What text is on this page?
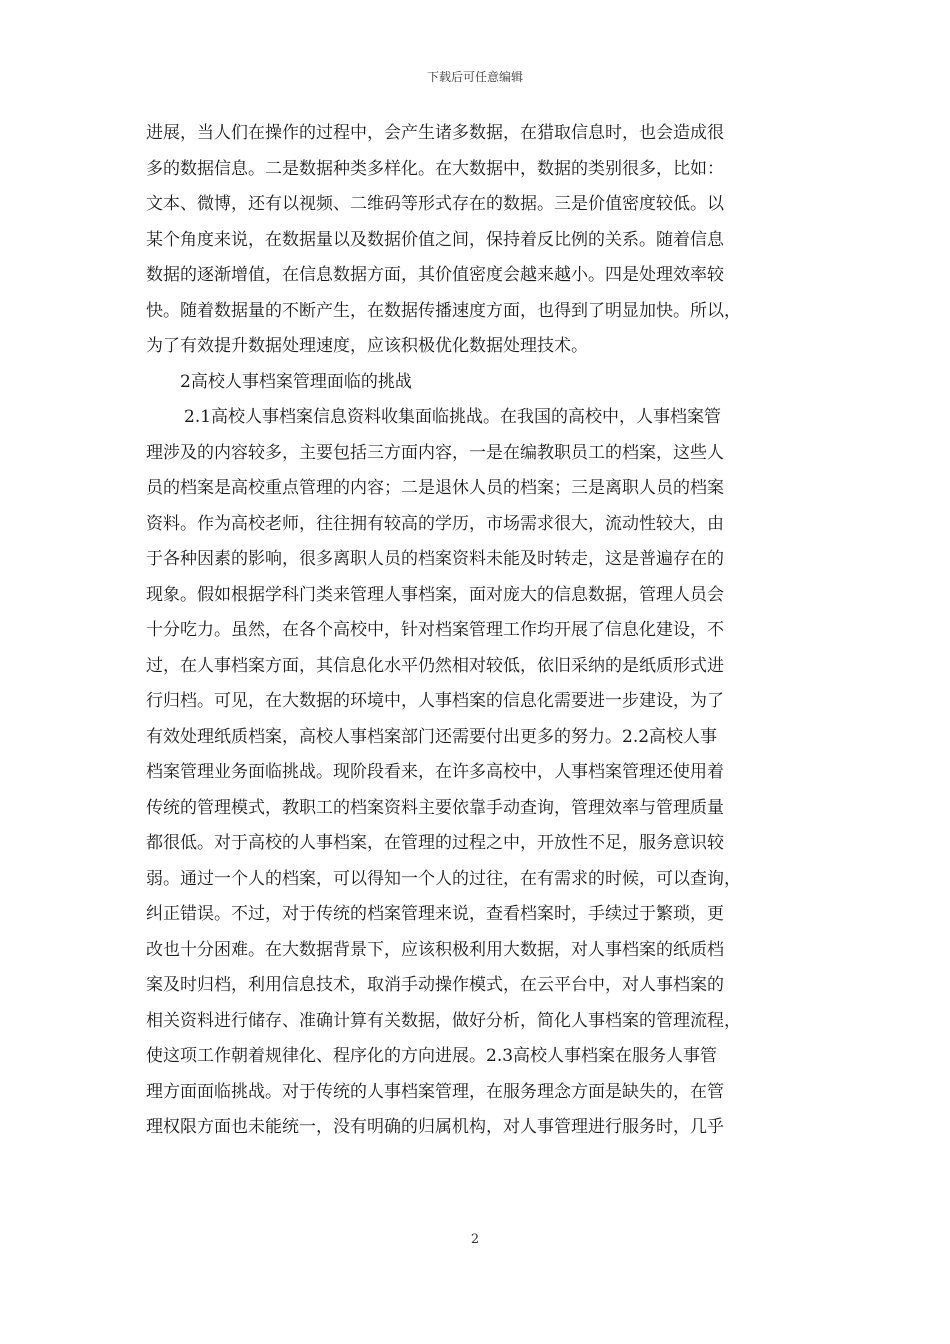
下载后可任意编辑
进展，当人们在操作的过程中，会产生诸多数据，在猎取信息时，也会造成很
多的数据信息。二是数据种类多样化。在大数据中，数据的类别很多，比如：
文本、微博，还有以视频、二维码等形式存在的数据。三是价值密度较低。以
某个角度来说，在数据量以及数据价值之间，保持着反比例的关系。随着信息
数据的逐渐增值，在信息数据方面，其价值密度会越来越小。四是处理效率较
快。随着数据量的不断产生，在数据传播速度方面，也得到了明显加快。所以，
为了有效提升数据处理速度，应该积极优化数据处理技术。
2高校人事档案管理面临的挑战
2.1高校人事档案信息资料收集面临挑战。在我国的高校中，人事档案管
理涉及的内容较多，主要包括三方面内容，一是在编教职员工的档案，这些人
员的档案是高校重点管理的内容；二是退休人员的档案；三是离职人员的档案
资料。作为高校老师，往往拥有较高的学历，市场需求很大，流动性较大，由
于各种因素的影响，很多离职人员的档案资料未能及时转走，这是普遍存在的
现象。假如根据学科门类来管理人事档案，面对庞大的信息数据，管理人员会
十分吃力。虽然，在各个高校中，针对档案管理工作均开展了信息化建设，不
过，在人事档案方面，其信息化水平仍然相对较低，依旧采纳的是纸质形式进
行归档。可见，在大数据的环境中，人事档案的信息化需要进一步建设，为了
有效处理纸质档案，高校人事档案部门还需要付出更多的努力。2.2高校人事
档案管理业务面临挑战。现阶段看来，在许多高校中，人事档案管理还使用着
传统的管理模式，教职工的档案资料主要依靠手动查询，管理效率与管理质量
都很低。对于高校的人事档案，在管理的过程之中，开放性不足，服务意识较
弱。通过一个人的档案，可以得知一个人的过往，在有需求的时候，可以查询，
纠正错误。不过，对于传统的档案管理来说，查看档案时，手续过于繁琐，更
改也十分困难。在大数据背景下，应该积极利用大数据，对人事档案的纸质档
案及时归档，利用信息技术，取消手动操作模式，在云平台中，对人事档案的
相关资料进行储存、准确计算有关数据，做好分析，简化人事档案的管理流程，
使这项工作朝着规律化、程序化的方向进展。2.3高校人事档案在服务人事管
理方面面临挑战。对于传统的人事档案管理，在服务理念方面是缺失的，在管
理权限方面也未能统一，没有明确的归属机构，对人事管理进行服务时，几乎
2
